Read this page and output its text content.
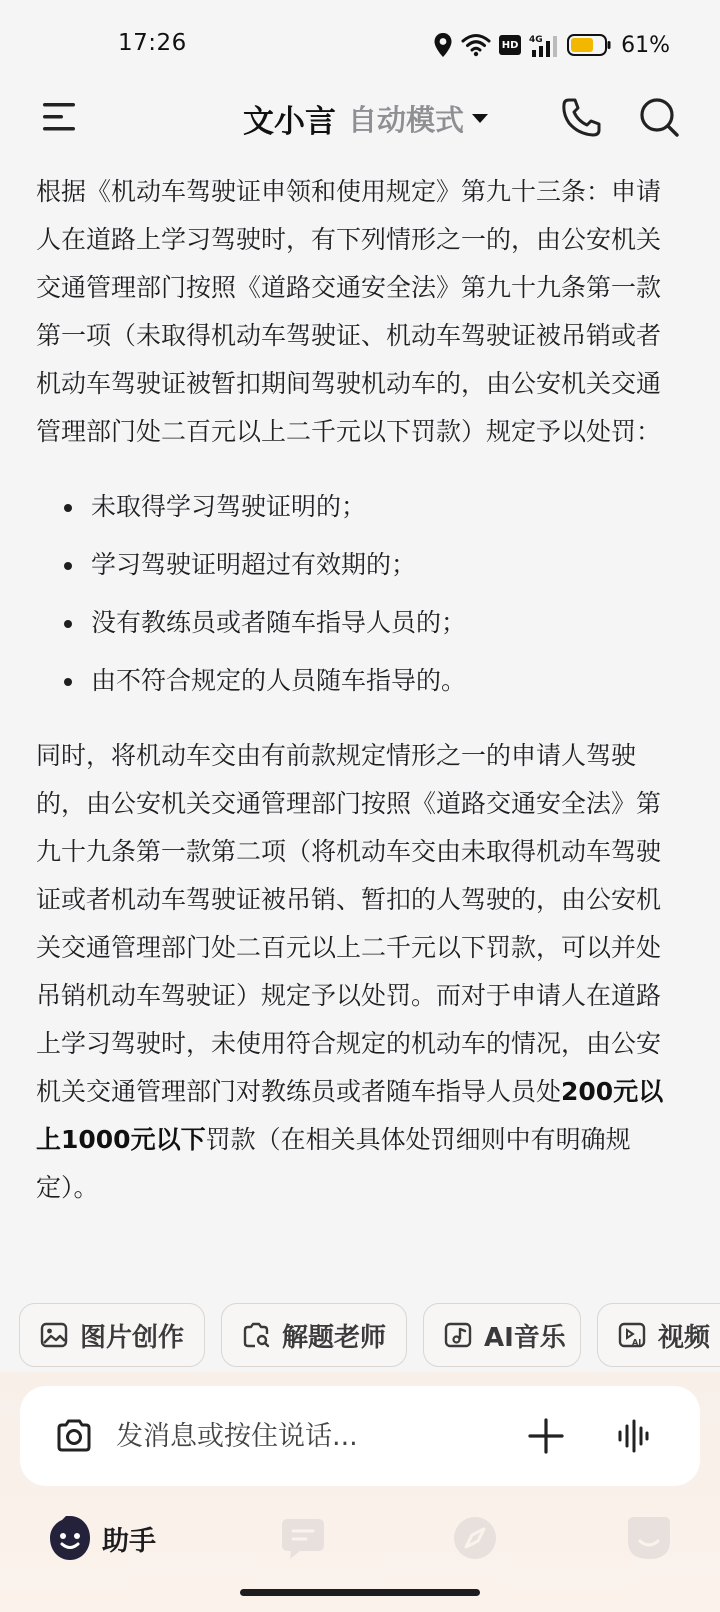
17:26	HD 4G	61%
文小言 自动模式

根据《机动车驾驶证申领和使用规定》第九十三条：申请人在道路上学习驾驶时，有下列情形之一的，由公安机关交通管理部门按照《道路交通安全法》第九十九条第一款第一项（未取得机动车驾驶证、机动车驾驶证被吊销或者机动车驾驶证被暂扣期间驾驶机动车的，由公安机关交通管理部门处二百元以上二千元以下罚款）规定予以处罚：

未取得学习驾驶证明的；
学习驾驶证明超过有效期的；
没有教练员或者随车指导人员的；
由不符合规定的人员随车指导的。

同时，将机动车交由有前款规定情形之一的申请人驾驶的，由公安机关交通管理部门按照《道路交通安全法》第九十九条第一款第二项（将机动车交由未取得机动车驾驶证或者机动车驾驶证被吊销、暂扣的人驾驶的，由公安机关交通管理部门处二百元以上二千元以下罚款，可以并处吊销机动车驾驶证）规定予以处罚。而对于申请人在道路上学习驾驶时，未使用符合规定的机动车的情况，由公安机关交通管理部门对教练员或者随车指导人员处200元以上1000元以下罚款（在相关具体处罚细则中有明确规定）。

图片创作	解题老师	AI音乐	AI 视频
发消息或按住说话...
助手
